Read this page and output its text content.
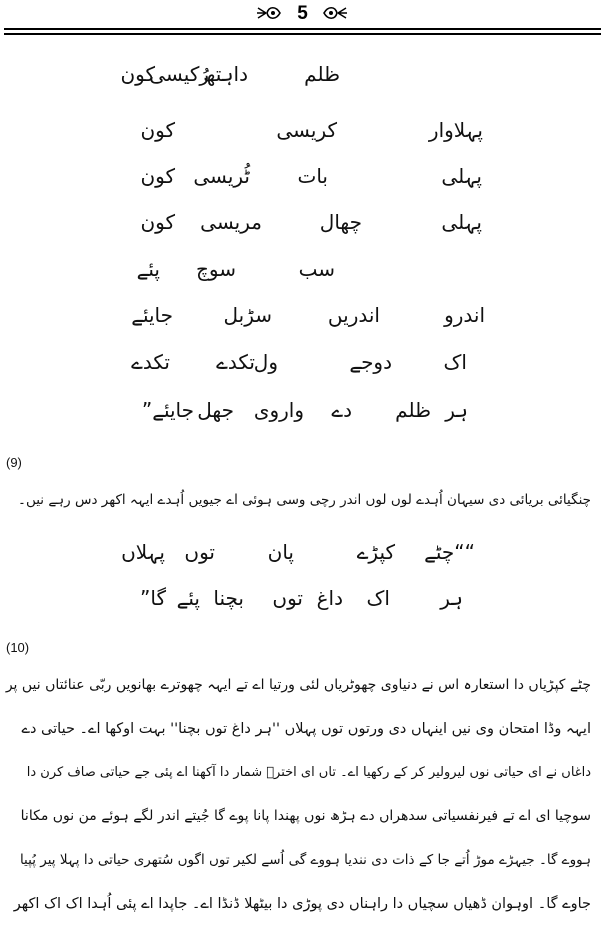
5
ظلم
داہتھ
رُکیسی
کون
پہلاوار
کریسی
کون
پہلی
بات
ٹُریسی
کون
پہلی
چھال
مریسی
کون
سب
سوچ
پئے
اندرو
اندریں
سڑبل
جایئے
اک
دوجے
ول
تکدے
تکدے
ہر
ظلم
دے
واروی
جھل
جایئے”
(9)
چنگیائی بریائی دی سیہان اُہدے لوں لوں اندر رچی وسی ہوئی اے جیویں اُہدے ایہہ اکھر دس رہے نیں۔
““چٹے
کپڑے
پان
توں
پہلاں
ہر
اک
داغ
توں
بچنا
پئے
گا”
(10)
چٹے کپڑیاں دا استعارہ اس نے دنیاوی چھوٹریاں لئی ورتیا اے تے ایہہ چھوترے بھانویں ربّی عنائتاں نیں پر
ایہہ وڈا امتحان وی نیں اینہاں دی ورتوں توں پہلاں ''ہر داغ توں بچنا'' بہت اوکھا اے۔ حیاتی دے
داغاں نے ای حیاتی نوں لیرولیر کر کے رکھیا اے۔ تاں ای اخترؔ شمار دا آکھنا اے پئی جے حیاتی صاف کرن دا
سوچیا ای اے تے فیرنفسیاتی سدھراں دے ہڑھ نوں پھندا پانا پوے گا جُیتے اندر لگے ہوئے من نوں مکانا
ہووے گا۔ جیہڑے موڑ اُتے جا کے ذات دی نندیا ہووے گی اُسے لکیر توں اگوں سُتھری حیاتی دا پہلا پیر پُپیا
جاوے گا۔ اوہوان ڈھیاں سچیاں دا راہناں دی پوڑی دا بیٹھلا ڈنڈا اے۔ جاپدا اے پئی اُہدا اک اک اکھر
